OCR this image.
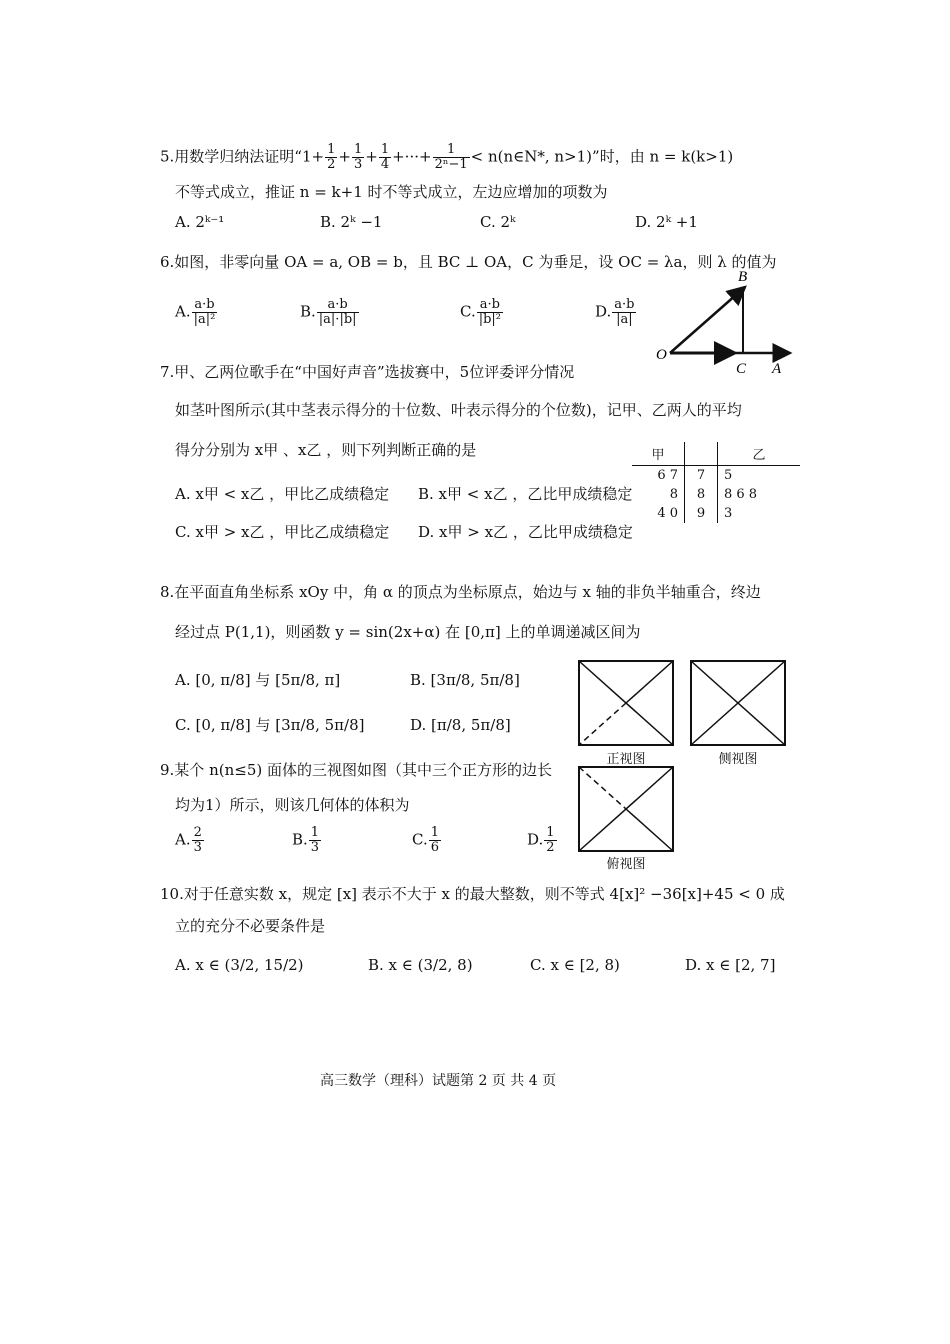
5.用数学归纳法证明“$1+ \frac{1}{2} + \frac{1}{3} + \frac{1}{4}$ +···+ $\frac{1}{\text{2ⁿ−1}}$ < n(n∈N*, n>1)”时，由 n = k(k>1)
不等式成立，推证 n = k+1 时不等式成立，左边应增加的项数为
A. 2ᵏ⁻¹	B. 2ᵏ −1	C. 2ᵏ	D. 2ᵏ +1
6.如图，非零向量 OA = a, OB = b，且 BC ⊥ OA，C 为垂足，设 OC = λa，则 λ 的值为
A. $\frac{a\cdot b}{\text{|a|²}}$	B. $\frac{a\cdot b}{|a|\cdot|b|}$	C. $\frac{a\cdot b}{\text{|b|²}}$	D. $\frac{a\cdot b}{|a|}$
O
B
C A
7.甲、乙两位歌手在“中国好声音”选拔赛中，5位评委评分情况
如茎叶图所示(其中茎表示得分的十位数、叶表示得分的个位数)，记甲、乙两人的平均
得分分别为 x甲 、x乙 ，则下列判断正确的是
A. x甲 < x乙 ，甲比乙成绩稳定 B. x甲 < x乙 ，乙比甲成绩稳定
C. x甲 > x乙 ，甲比乙成绩稳定 D. x甲 > x乙 ，乙比甲成绩稳定
甲		乙
6 7	7	5
8	8	8 6 8
4 0	9	3
8.在平面直角坐标系 xOy 中，角 α 的顶点为坐标原点，始边与 x 轴的非负半轴重合，终边
经过点 P(1,1)，则函数 y = sin(2x+α) 在 [0,π] 上的单调递减区间为
A. [0, π/8] 与 [5π/8, π]	B. [3π/8, 5π/8]
C. [0, π/8] 与 [3π/8, 5π/8]	D. [π/8, 5π/8]
正视图	侧视图
俯视图
9.某个 n(n≤5) 面体的三视图如图（其中三个正方形的边长
均为1）所示，则该几何体的体积为
A. $\frac{2}{3}$	B. $\frac{1}{3}$	C. $\frac{1}{6}$	D. $\frac{1}{2}$
10.对于任意实数 x，规定 [x] 表示不大于 x 的最大整数，则不等式 4[x]² −36[x]+45 < 0 成
立的充分不必要条件是
A. x ∈ (3/2, 15/2)	B. x ∈ (3/2, 8)	C. x ∈ [2, 8)	D. x ∈ [2, 7]
高三数学（理科）试题第 2 页 共 4 页
